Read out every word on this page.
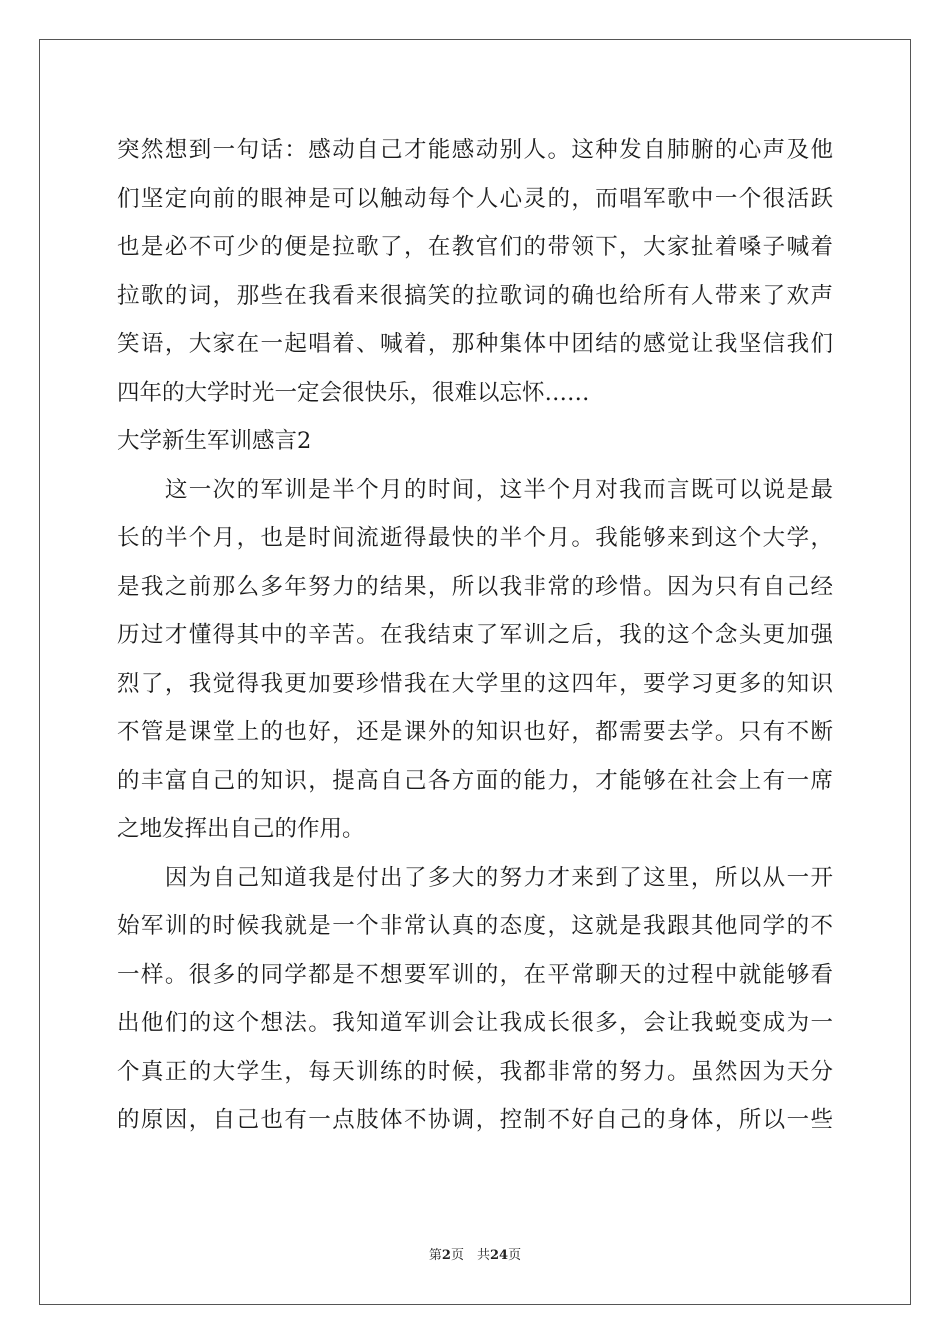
突然想到一句话：感动自己才能感动别人。这种发自肺腑的心声及他
们坚定向前的眼神是可以触动每个人心灵的，而唱军歌中一个很活跃
也是必不可少的便是拉歌了，在教官们的带领下，大家扯着嗓子喊着
拉歌的词，那些在我看来很搞笑的拉歌词的确也给所有人带来了欢声
笑语，大家在一起唱着、喊着，那种集体中团结的感觉让我坚信我们
四年的大学时光一定会很快乐，很难以忘怀……
大学新生军训感言2
　　这一次的军训是半个月的时间，这半个月对我而言既可以说是最
长的半个月，也是时间流逝得最快的半个月。我能够来到这个大学，
是我之前那么多年努力的结果，所以我非常的珍惜。因为只有自己经
历过才懂得其中的辛苦。在我结束了军训之后，我的这个念头更加强
烈了，我觉得我更加要珍惜我在大学里的这四年，要学习更多的知识
不管是课堂上的也好，还是课外的知识也好，都需要去学。只有不断
的丰富自己的知识，提高自己各方面的能力，才能够在社会上有一席
之地发挥出自己的作用。
　　因为自己知道我是付出了多大的努力才来到了这里，所以从一开
始军训的时候我就是一个非常认真的态度，这就是我跟其他同学的不
一样。很多的同学都是不想要军训的，在平常聊天的过程中就能够看
出他们的这个想法。我知道军训会让我成长很多，会让我蜕变成为一
个真正的大学生，每天训练的时候，我都非常的努力。虽然因为天分
的原因，自己也有一点肢体不协调，控制不好自己的身体，所以一些
第2页　 共24页
